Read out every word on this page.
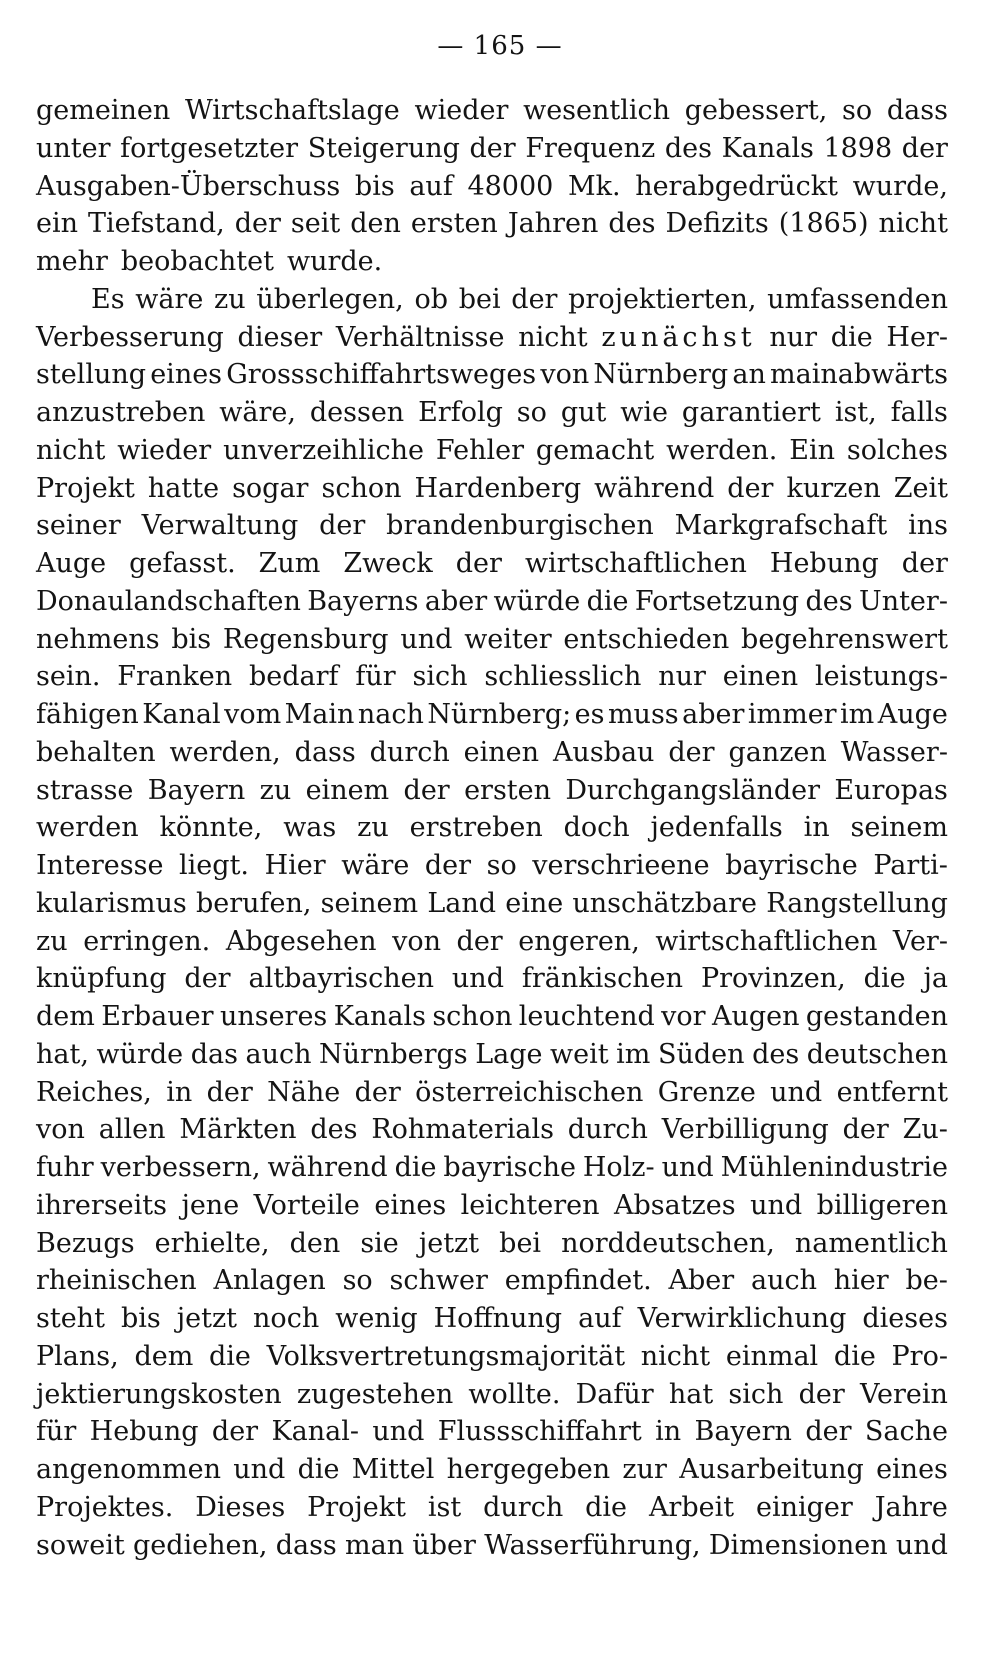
— 165 —
gemeinen Wirtschaftslage wieder wesentlich gebessert, so dass
unter fortgesetzter Steigerung der Frequenz des Kanals 1898 der
Ausgaben-Überschuss bis auf 48000 Mk. herabgedrückt wurde,
ein Tiefstand, der seit den ersten Jahren des Defizits (1865) nicht
mehr beobachtet wurde.
Es wäre zu überlegen, ob bei der projektierten, umfassenden
Verbesserung dieser Verhältnisse nicht zunächst nur die Her-
stellung eines Grossschiffahrtsweges von Nürnberg an mainabwärts
anzustreben wäre, dessen Erfolg so gut wie garantiert ist, falls
nicht wieder unverzeihliche Fehler gemacht werden. Ein solches
Projekt hatte sogar schon Hardenberg während der kurzen Zeit
seiner Verwaltung der brandenburgischen Markgrafschaft ins
Auge gefasst. Zum Zweck der wirtschaftlichen Hebung der
Donaulandschaften Bayerns aber würde die Fortsetzung des Unter-
nehmens bis Regensburg und weiter entschieden begehrenswert
sein. Franken bedarf für sich schliesslich nur einen leistungs-
fähigen Kanal vom Main nach Nürnberg; es muss aber immer im Auge
behalten werden, dass durch einen Ausbau der ganzen Wasser-
strasse Bayern zu einem der ersten Durchgangsländer Europas
werden könnte, was zu erstreben doch jedenfalls in seinem
Interesse liegt. Hier wäre der so verschrieene bayrische Parti-
kularismus berufen, seinem Land eine unschätzbare Rangstellung
zu erringen. Abgesehen von der engeren, wirtschaftlichen Ver-
knüpfung der altbayrischen und fränkischen Provinzen, die ja
dem Erbauer unseres Kanals schon leuchtend vor Augen gestanden
hat, würde das auch Nürnbergs Lage weit im Süden des deutschen
Reiches, in der Nähe der österreichischen Grenze und entfernt
von allen Märkten des Rohmaterials durch Verbilligung der Zu-
fuhr verbessern, während die bayrische Holz- und Mühlenindustrie
ihrerseits jene Vorteile eines leichteren Absatzes und billigeren
Bezugs erhielte, den sie jetzt bei norddeutschen, namentlich
rheinischen Anlagen so schwer empfindet. Aber auch hier be-
steht bis jetzt noch wenig Hoffnung auf Verwirklichung dieses
Plans, dem die Volksvertretungsmajorität nicht einmal die Pro-
jektierungskosten zugestehen wollte. Dafür hat sich der Verein
für Hebung der Kanal- und Flussschiffahrt in Bayern der Sache
angenommen und die Mittel hergegeben zur Ausarbeitung eines
Projektes. Dieses Projekt ist durch die Arbeit einiger Jahre
soweit gediehen, dass man über Wasserführung, Dimensionen und
